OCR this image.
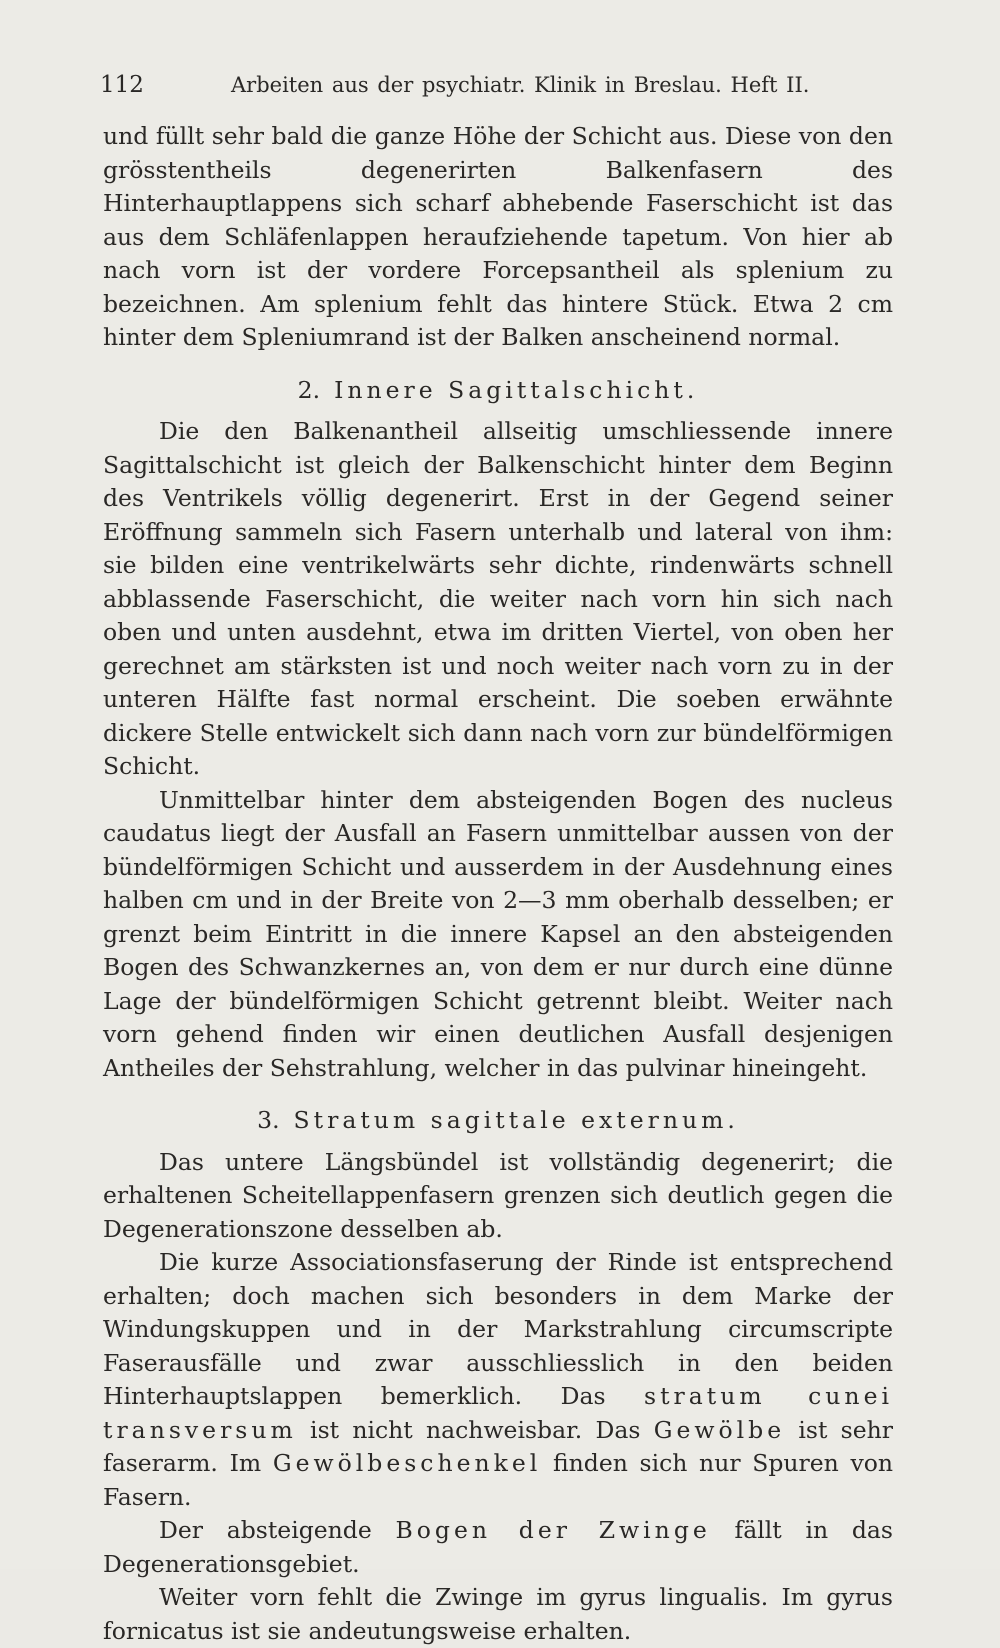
112	Arbeiten aus der psychiatr. Klinik in Breslau. Heft II.

und füllt sehr bald die ganze Höhe der Schicht aus. Diese von den grösstentheils degenerirten Balkenfasern des Hinterhauptlappens sich scharf abhebende Faserschicht ist das aus dem Schläfenlappen heraufziehende tapetum. Von hier ab nach vorn ist der vordere Forcepsantheil als splenium zu bezeichnen. Am splenium fehlt das hintere Stück. Etwa 2 cm hinter dem Spleniumrand ist der Balken anscheinend normal.

2. Innere Sagittalschicht.

Die den Balkenantheil allseitig umschliessende innere Sagittalschicht ist gleich der Balkenschicht hinter dem Beginn des Ventrikels völlig degenerirt. Erst in der Gegend seiner Eröffnung sammeln sich Fasern unterhalb und lateral von ihm: sie bilden eine ventrikelwärts sehr dichte, rindenwärts schnell abblassende Faserschicht, die weiter nach vorn hin sich nach oben und unten ausdehnt, etwa im dritten Viertel, von oben her gerechnet am stärksten ist und noch weiter nach vorn zu in der unteren Hälfte fast normal erscheint. Die soeben erwähnte dickere Stelle entwickelt sich dann nach vorn zur bündelförmigen Schicht.

Unmittelbar hinter dem absteigenden Bogen des nucleus caudatus liegt der Ausfall an Fasern unmittelbar aussen von der bündelförmigen Schicht und ausserdem in der Ausdehnung eines halben cm und in der Breite von 2—3 mm oberhalb desselben; er grenzt beim Eintritt in die innere Kapsel an den absteigenden Bogen des Schwanzkernes an, von dem er nur durch eine dünne Lage der bündelförmigen Schicht getrennt bleibt. Weiter nach vorn gehend finden wir einen deutlichen Ausfall desjenigen Antheiles der Sehstrahlung, welcher in das pulvinar hineingeht.

3. Stratum sagittale externum.

Das untere Längsbündel ist vollständig degenerirt; die erhaltenen Scheitellappenfasern grenzen sich deutlich gegen die Degenerationszone desselben ab.

Die kurze Associationsfaserung der Rinde ist entsprechend erhalten; doch machen sich besonders in dem Marke der Windungskuppen und in der Markstrahlung circumscripte Faserausfälle und zwar ausschliesslich in den beiden Hinterhauptslappen bemerklich. Das stratum cunei transversum ist nicht nachweisbar. Das Gewölbe ist sehr faserarm. Im Gewölbeschenkel finden sich nur Spuren von Fasern.

Der absteigende Bogen der Zwinge fällt in das Degenerationsgebiet.

Weiter vorn fehlt die Zwinge im gyrus lingualis. Im gyrus fornicatus ist sie andeutungsweise erhalten.
